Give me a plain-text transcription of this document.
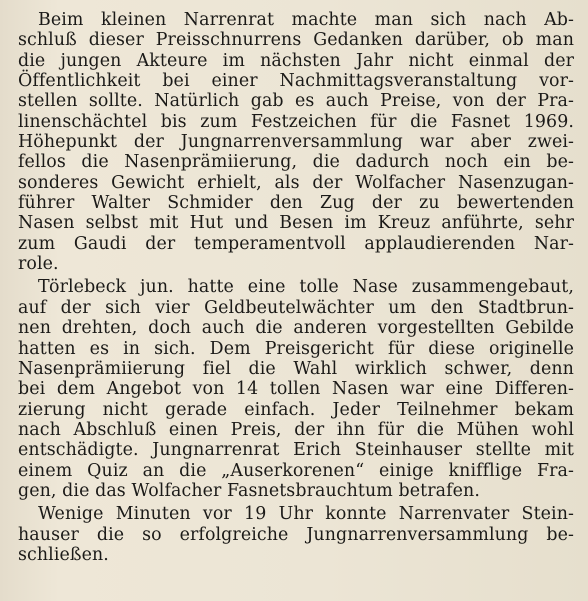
Beim kleinen Narrenrat machte man sich nach Ab-
schluß dieser Preisschnurrens Gedanken darüber, ob man
die jungen Akteure im nächsten Jahr nicht einmal der
Öffentlichkeit bei einer Nachmittagsveranstaltung vor-
stellen sollte. Natürlich gab es auch Preise, von der Pra-
linenschächtel bis zum Festzeichen für die Fasnet 1969.
Höhepunkt der Jungnarrenversammlung war aber zwei-
fellos die Nasenprämiierung, die dadurch noch ein be-
sonderes Gewicht erhielt, als der Wolfacher Nasenzugan-
führer Walter Schmider den Zug der zu bewertenden
Nasen selbst mit Hut und Besen im Kreuz anführte, sehr
zum Gaudi der temperamentvoll applaudierenden Nar-
role.
Törlebeck jun. hatte eine tolle Nase zusammengebaut,
auf der sich vier Geldbeutelwächter um den Stadtbrun-
nen drehten, doch auch die anderen vorgestellten Gebilde
hatten es in sich. Dem Preisgericht für diese originelle
Nasenprämiierung fiel die Wahl wirklich schwer, denn
bei dem Angebot von 14 tollen Nasen war eine Differen-
zierung nicht gerade einfach. Jeder Teilnehmer bekam
nach Abschluß einen Preis, der ihn für die Mühen wohl
entschädigte. Jungnarrenrat Erich Steinhauser stellte mit
einem Quiz an die „Auserkorenen“ einige knifflige Fra-
gen, die das Wolfacher Fasnetsbrauchtum betrafen.
Wenige Minuten vor 19 Uhr konnte Narrenvater Stein-
hauser die so erfolgreiche Jungnarrenversammlung be-
schließen.
